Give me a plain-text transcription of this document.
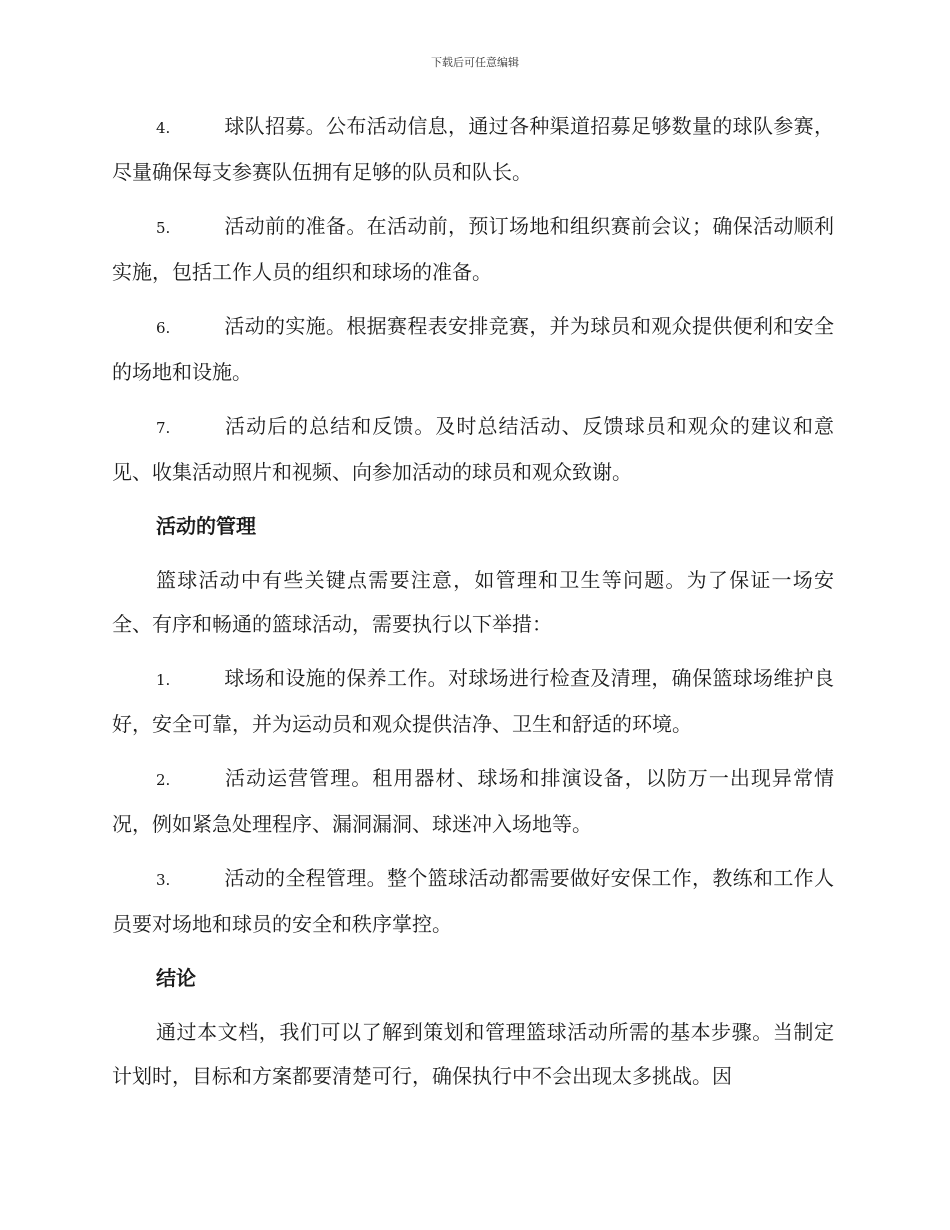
下载后可任意编辑

4.	球队招募。公布活动信息，通过各种渠道招募足够数量的球队参赛，尽量确保每支参赛队伍拥有足够的队员和队长。

5.	活动前的准备。在活动前，预订场地和组织赛前会议；确保活动顺利实施，包括工作人员的组织和球场的准备。

6.	活动的实施。根据赛程表安排竞赛，并为球员和观众提供便利和安全的场地和设施。

7.	活动后的总结和反馈。及时总结活动、反馈球员和观众的建议和意见、收集活动照片和视频、向参加活动的球员和观众致谢。

活动的管理

篮球活动中有些关键点需要注意，如管理和卫生等问题。为了保证一场安全、有序和畅通的篮球活动，需要执行以下举措：

1.	球场和设施的保养工作。对球场进行检查及清理，确保篮球场维护良好，安全可靠，并为运动员和观众提供洁净、卫生和舒适的环境。

2.	活动运营管理。租用器材、球场和排演设备，以防万一出现异常情况，例如紧急处理程序、漏洞漏洞、球迷冲入场地等。

3.	活动的全程管理。整个篮球活动都需要做好安保工作，教练和工作人员要对场地和球员的安全和秩序掌控。

结论

通过本文档，我们可以了解到策划和管理篮球活动所需的基本步骤。当制定计划时，目标和方案都要清楚可行，确保执行中不会出现太多挑战。因
